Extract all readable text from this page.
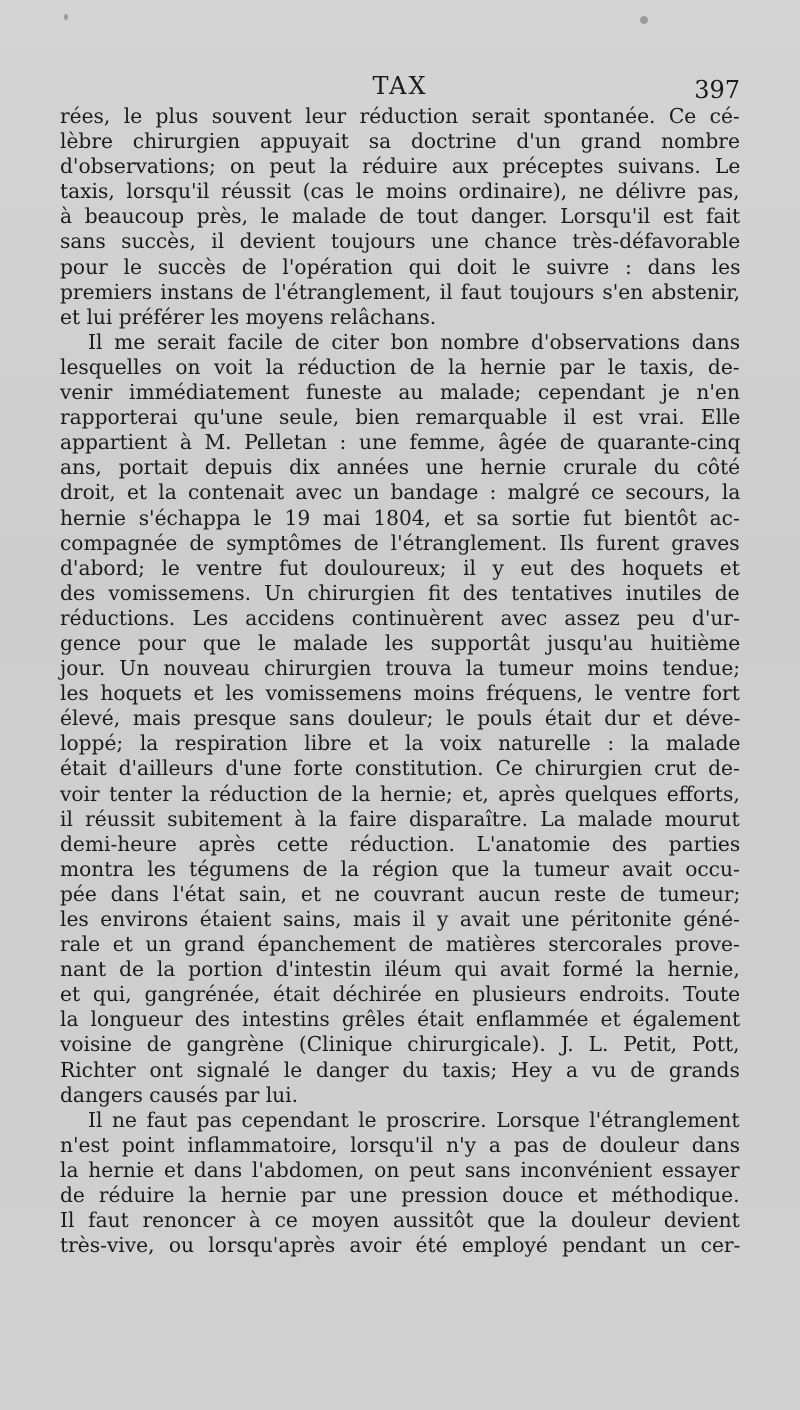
TAX	397
rées, le plus souvent leur réduction serait spontanée. Ce cé-
lèbre chirurgien appuyait sa doctrine d'un grand nombre
d'observations; on peut la réduire aux préceptes suivans. Le
taxis, lorsqu'il réussit (cas le moins ordinaire), ne délivre pas,
à beaucoup près, le malade de tout danger. Lorsqu'il est fait
sans succès, il devient toujours une chance très-défavorable
pour le succès de l'opération qui doit le suivre : dans les
premiers instans de l'étranglement, il faut toujours s'en abstenir,
et lui préférer les moyens relâchans.
Il me serait facile de citer bon nombre d'observations dans
lesquelles on voit la réduction de la hernie par le taxis, de-
venir immédiatement funeste au malade; cependant je n'en
rapporterai qu'une seule, bien remarquable il est vrai. Elle
appartient à M. Pelletan : une femme, âgée de quarante-cinq
ans, portait depuis dix années une hernie crurale du côté
droit, et la contenait avec un bandage : malgré ce secours, la
hernie s'échappa le 19 mai 1804, et sa sortie fut bientôt ac-
compagnée de symptômes de l'étranglement. Ils furent graves
d'abord; le ventre fut douloureux; il y eut des hoquets et
des vomissemens. Un chirurgien fit des tentatives inutiles de
réductions. Les accidens continuèrent avec assez peu d'ur-
gence pour que le malade les supportât jusqu'au huitième
jour. Un nouveau chirurgien trouva la tumeur moins tendue;
les hoquets et les vomissemens moins fréquens, le ventre fort
élevé, mais presque sans douleur; le pouls était dur et déve-
loppé; la respiration libre et la voix naturelle : la malade
était d'ailleurs d'une forte constitution. Ce chirurgien crut de-
voir tenter la réduction de la hernie; et, après quelques efforts,
il réussit subitement à la faire disparaître. La malade mourut
demi-heure après cette réduction. L'anatomie des parties
montra les tégumens de la région que la tumeur avait occu-
pée dans l'état sain, et ne couvrant aucun reste de tumeur;
les environs étaient sains, mais il y avait une péritonite géné-
rale et un grand épanchement de matières stercorales prove-
nant de la portion d'intestin iléum qui avait formé la hernie,
et qui, gangrénée, était déchirée en plusieurs endroits. Toute
la longueur des intestins grêles était enflammée et également
voisine de gangrène (Clinique chirurgicale). J. L. Petit, Pott,
Richter ont signalé le danger du taxis; Hey a vu de grands
dangers causés par lui.
Il ne faut pas cependant le proscrire. Lorsque l'étranglement
n'est point inflammatoire, lorsqu'il n'y a pas de douleur dans
la hernie et dans l'abdomen, on peut sans inconvénient essayer
de réduire la hernie par une pression douce et méthodique.
Il faut renoncer à ce moyen aussitôt que la douleur devient
très-vive, ou lorsqu'après avoir été employé pendant un cer-
